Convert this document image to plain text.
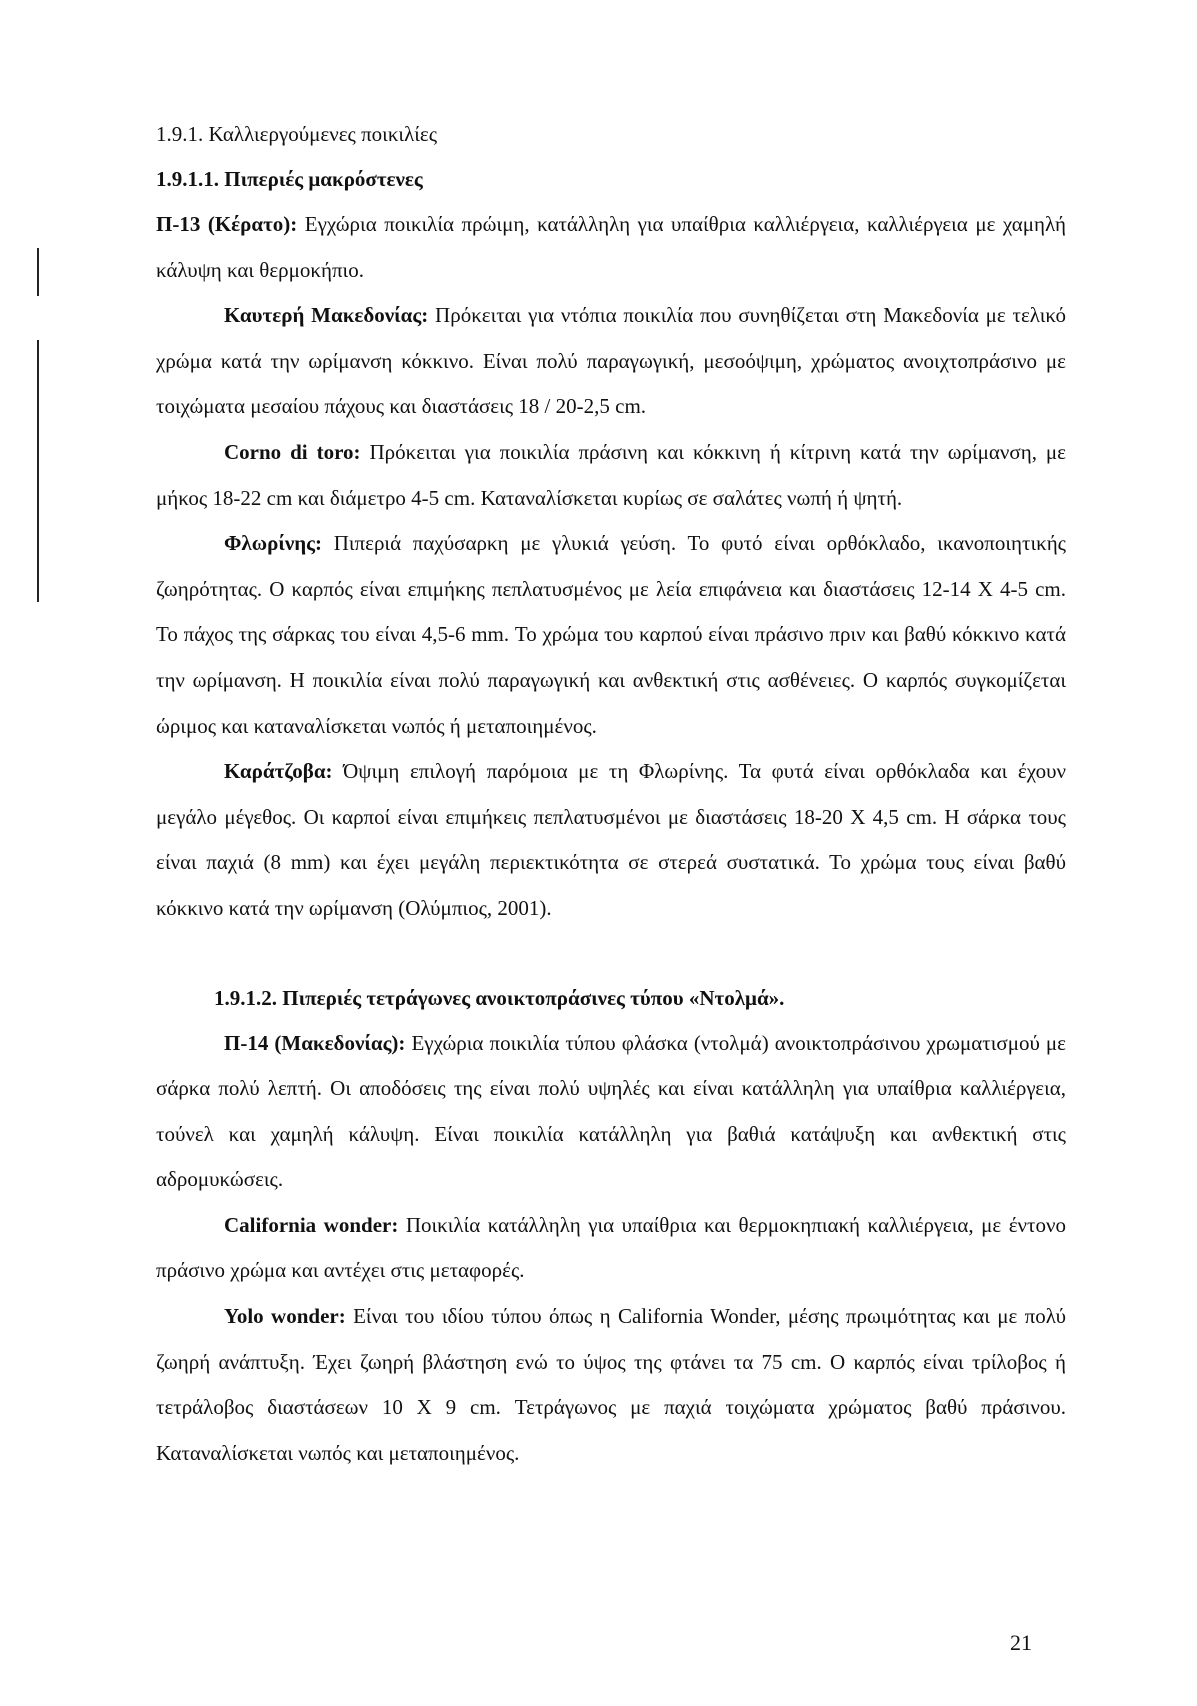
1.9.1. Καλλιεργούμενες ποικιλίες

1.9.1.1. Πιπεριές μακρόστενες

Π-13 (Κέρατο): Εγχώρια ποικιλία πρώιμη, κατάλληλη για υπαίθρια καλλιέργεια, καλλιέργεια με χαμηλή κάλυψη και θερμοκήπιο.

Καυτερή Μακεδονίας: Πρόκειται για ντόπια ποικιλία που συνηθίζεται στη Μακεδονία με τελικό χρώμα κατά την ωρίμανση κόκκινο. Είναι πολύ παραγωγική, μεσοόψιμη, χρώματος ανοιχτοπράσινο με τοιχώματα μεσαίου πάχους και διαστάσεις 18 / 20-2,5 cm.

Corno di toro: Πρόκειται για ποικιλία πράσινη και κόκκινη ή κίτρινη κατά την ωρίμανση, με μήκος 18-22 cm και διάμετρο 4-5 cm. Καταναλίσκεται κυρίως σε σαλάτες νωπή ή ψητή.

Φλωρίνης: Πιπεριά παχύσαρκη με γλυκιά γεύση. Το φυτό είναι ορθόκλαδο, ικανοποιητικής ζωηρότητας. Ο καρπός είναι επιμήκης πεπλατυσμένος με λεία επιφάνεια και διαστάσεις 12-14 Χ 4-5 cm. Το πάχος της σάρκας του είναι 4,5-6 mm. Το χρώμα του καρπού είναι πράσινο πριν και βαθύ κόκκινο κατά την ωρίμανση. Η ποικιλία είναι πολύ παραγωγική και ανθεκτική στις ασθένειες. Ο καρπός συγκομίζεται ώριμος και καταναλίσκεται νωπός ή μεταποιημένος.

Καράτζοβα: Όψιμη επιλογή παρόμοια με τη Φλωρίνης. Τα φυτά είναι ορθόκλαδα και έχουν μεγάλο μέγεθος. Οι καρποί είναι επιμήκεις πεπλατυσμένοι με διαστάσεις 18-20 Χ 4,5 cm. Η σάρκα τους είναι παχιά (8 mm) και έχει μεγάλη περιεκτικότητα σε στερεά συστατικά. Το χρώμα τους είναι βαθύ κόκκινο κατά την ωρίμανση (Ολύμπιος, 2001).

1.9.1.2. Πιπεριές τετράγωνες ανοικτοπράσινες τύπου «Ντολμά».

Π-14 (Μακεδονίας): Εγχώρια ποικιλία τύπου φλάσκα (ντολμά) ανοικτοπράσινου χρωματισμού με σάρκα πολύ λεπτή. Οι αποδόσεις της είναι πολύ υψηλές και είναι κατάλληλη για υπαίθρια καλλιέργεια, τούνελ και χαμηλή κάλυψη. Είναι ποικιλία κατάλληλη για βαθιά κατάψυξη και ανθεκτική στις αδρομυκώσεις.

California wonder: Ποικιλία κατάλληλη για υπαίθρια και θερμοκηπιακή καλλιέργεια, με έντονο πράσινο χρώμα και αντέχει στις μεταφορές.

Yolo wonder: Είναι του ιδίου τύπου όπως η California Wonder, μέσης πρωιμότητας και με πολύ ζωηρή ανάπτυξη. Έχει ζωηρή βλάστηση ενώ το ύψος της φτάνει τα 75 cm. Ο καρπός είναι τρίλοβος ή τετράλοβος διαστάσεων 10 Χ 9 cm. Τετράγωνος με παχιά τοιχώματα χρώματος βαθύ πράσινου. Καταναλίσκεται νωπός και μεταποιημένος.

21
